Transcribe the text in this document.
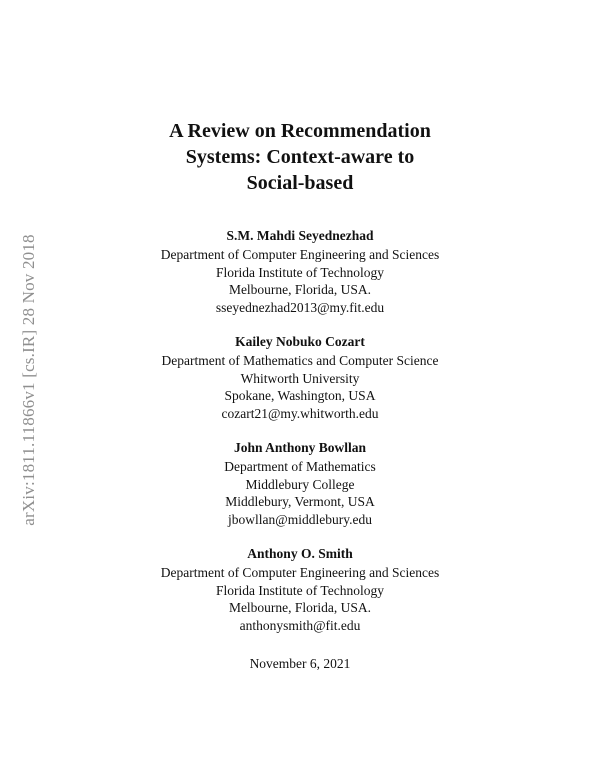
arXiv:1811.11866v1 [cs.IR] 28 Nov 2018
A Review on Recommendation
Systems: Context-aware to
Social-based
S.M. Mahdi Seyednezhad
Department of Computer Engineering and Sciences
Florida Institute of Technology
Melbourne, Florida, USA.
sseyednezhad2013@my.fit.edu
Kailey Nobuko Cozart
Department of Mathematics and Computer Science
Whitworth University
Spokane, Washington, USA
cozart21@my.whitworth.edu
John Anthony Bowllan
Department of Mathematics
Middlebury College
Middlebury, Vermont, USA
jbowllan@middlebury.edu
Anthony O. Smith
Department of Computer Engineering and Sciences
Florida Institute of Technology
Melbourne, Florida, USA.
anthonysmith@fit.edu
November 6, 2021
